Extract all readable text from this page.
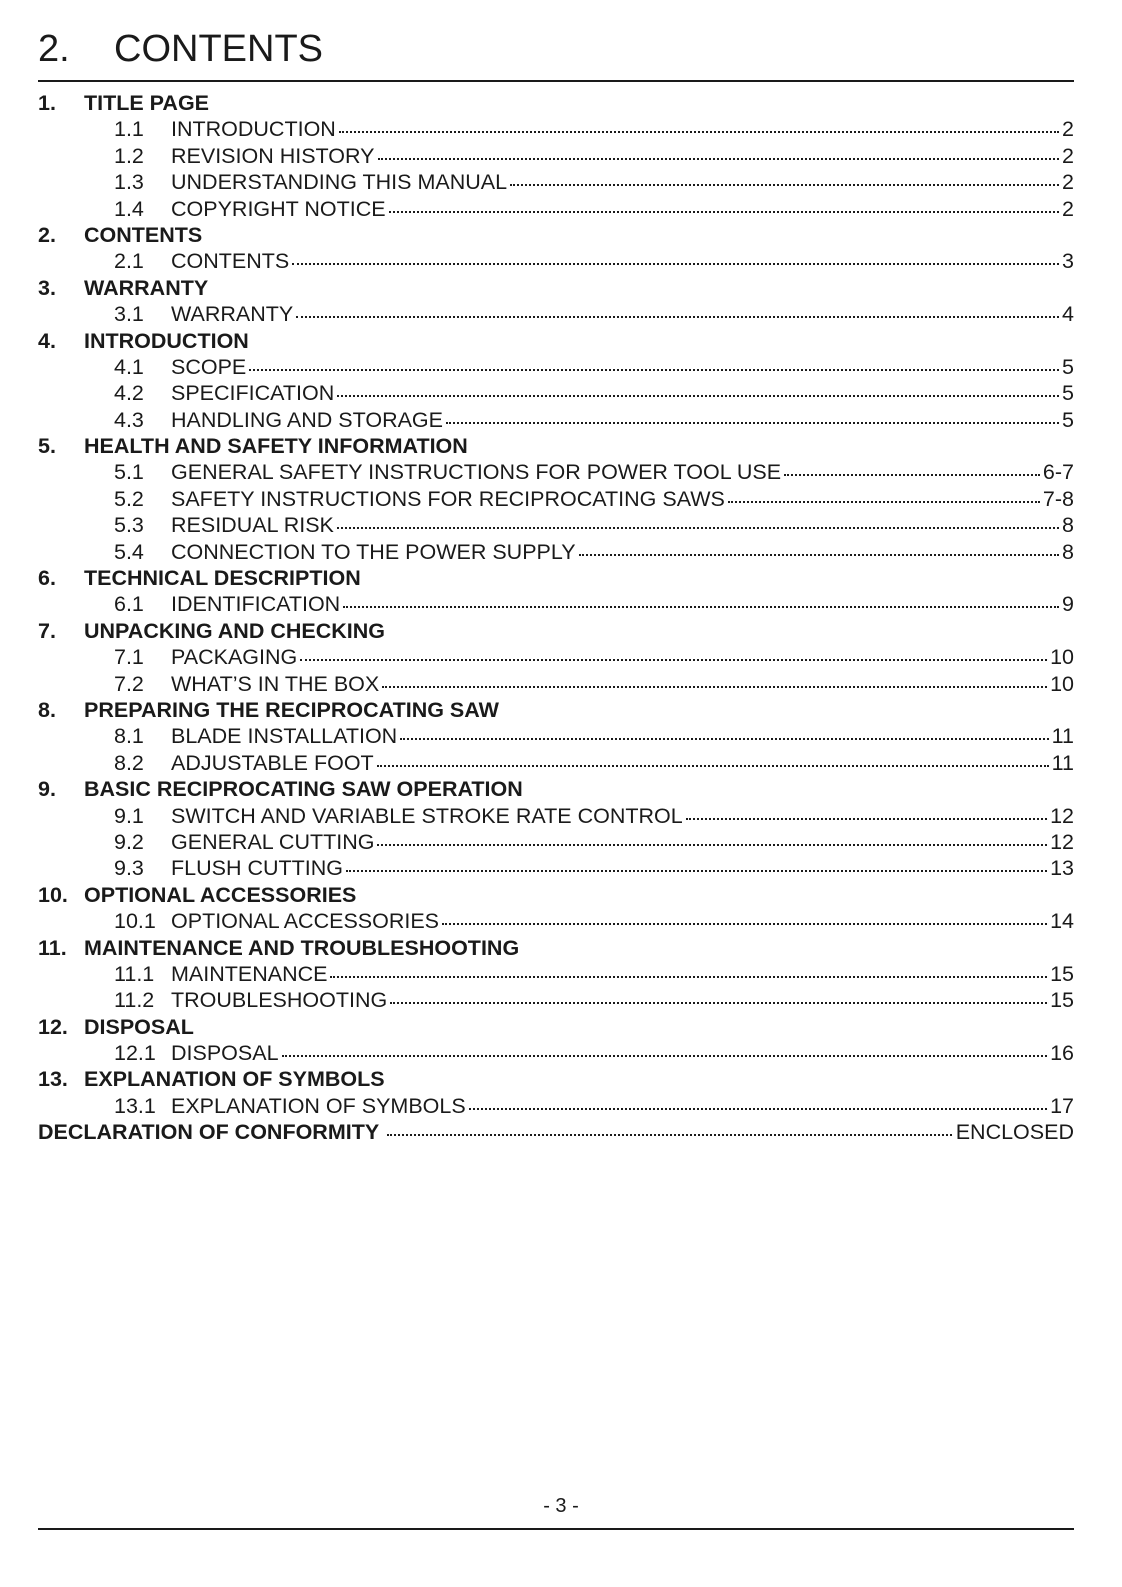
2. CONTENTS
1.	TITLE PAGE
1.1	INTRODUCTION	2
1.2	REVISION HISTORY	2
1.3	UNDERSTANDING THIS MANUAL	2
1.4	COPYRIGHT NOTICE	2
2.	CONTENTS
2.1	CONTENTS	3
3.	WARRANTY
3.1	WARRANTY	4
4.	INTRODUCTION
4.1	SCOPE	5
4.2	SPECIFICATION	5
4.3	HANDLING AND STORAGE	5
5.	HEALTH AND SAFETY INFORMATION
5.1	GENERAL SAFETY INSTRUCTIONS FOR POWER TOOL USE	6-7
5.2	SAFETY INSTRUCTIONS FOR RECIPROCATING SAWS	7-8
5.3	RESIDUAL RISK	8
5.4	CONNECTION TO THE POWER SUPPLY	8
6.	TECHNICAL DESCRIPTION
6.1	IDENTIFICATION	9
7.	UNPACKING AND CHECKING
7.1	PACKAGING	10
7.2	WHAT’S IN THE BOX	10
8.	PREPARING THE RECIPROCATING SAW
8.1	BLADE INSTALLATION	11
8.2	ADJUSTABLE FOOT	11
9.	BASIC RECIPROCATING SAW OPERATION
9.1	SWITCH AND VARIABLE STROKE RATE CONTROL	12
9.2	GENERAL CUTTING	12
9.3	FLUSH CUTTING	13
10. OPTIONAL ACCESSORIES
10.1 OPTIONAL ACCESSORIES	14
11. MAINTENANCE AND TROUBLESHOOTING
11.1 MAINTENANCE	15
11.2 TROUBLESHOOTING	15
12. DISPOSAL
12.1 DISPOSAL	16
13. EXPLANATION OF SYMBOLS
13.1 EXPLANATION OF SYMBOLS	17
DECLARATION OF CONFORMITY	ENCLOSED
- 3 -
